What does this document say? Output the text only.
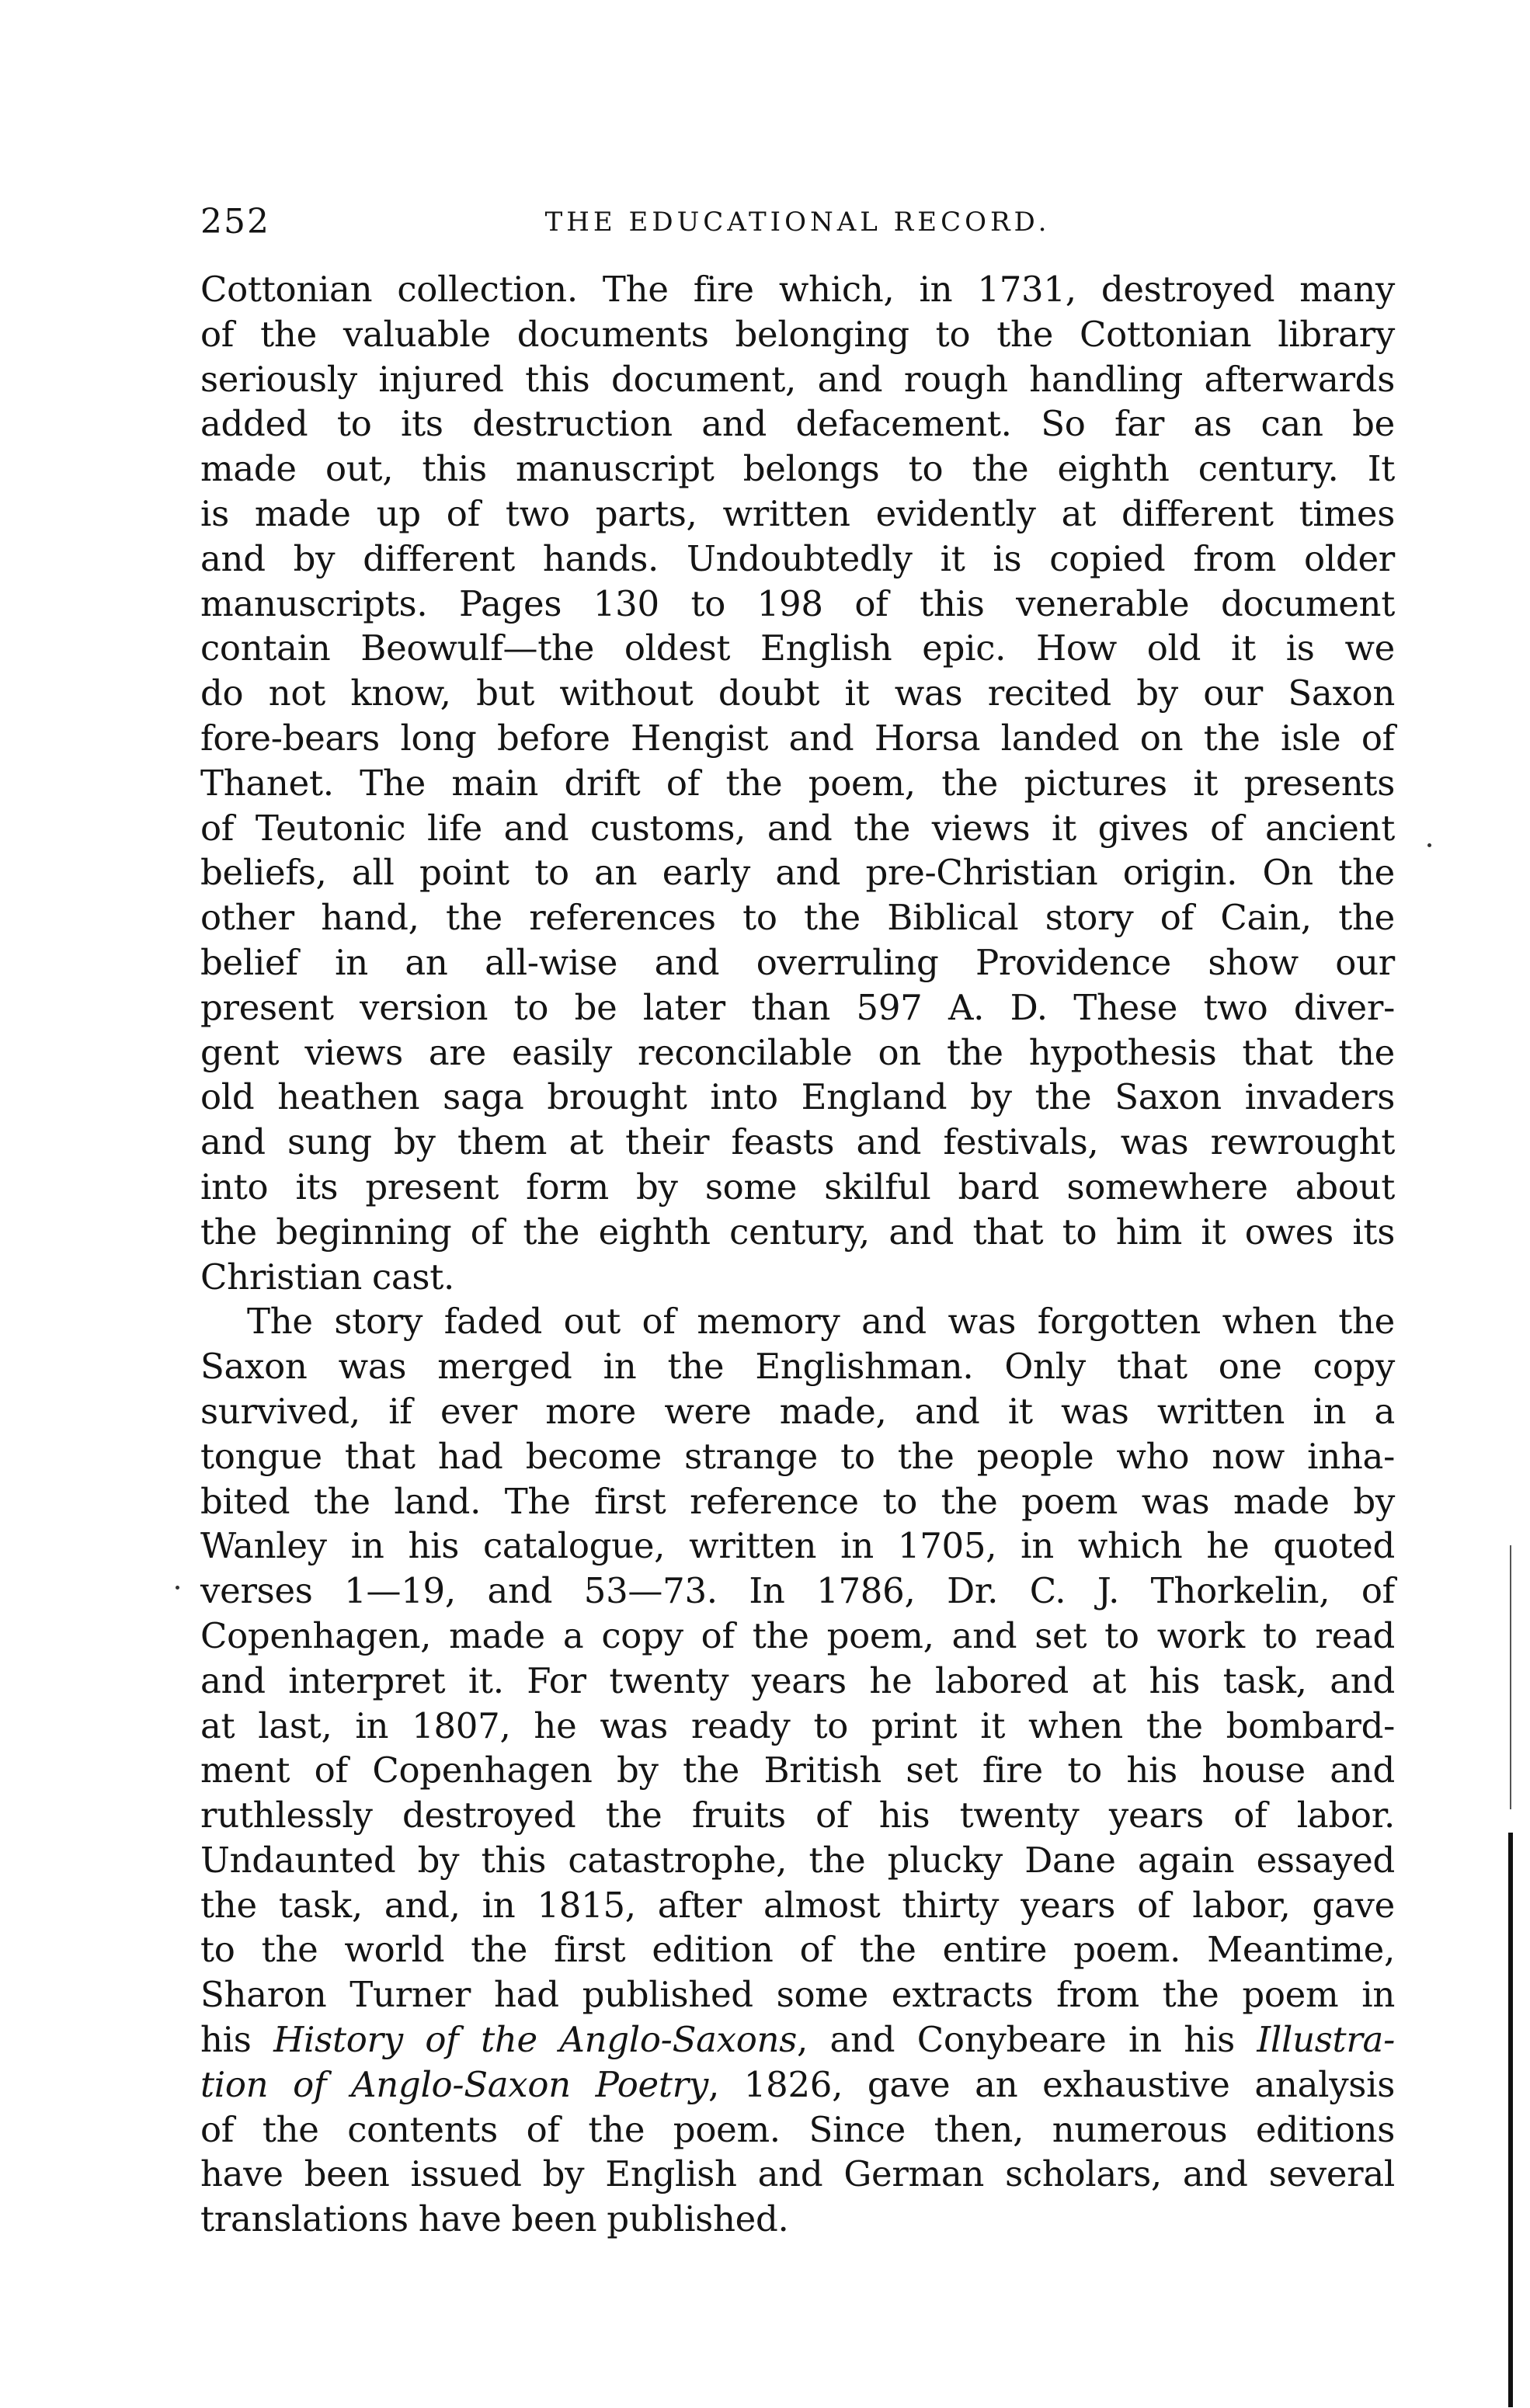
252	THE EDUCATIONAL RECORD.
Cottonian collection. The fire which, in 1731, destroyed many
of the valuable documents belonging to the Cottonian library
seriously injured this document, and rough handling afterwards
added to its destruction and defacement. So far as can be
made out, this manuscript belongs to the eighth century. It
is made up of two parts, written evidently at different times
and by different hands. Undoubtedly it is copied from older
manuscripts. Pages 130 to 198 of this venerable document
contain Beowulf—the oldest English epic. How old it is we
do not know, but without doubt it was recited by our Saxon
fore-bears long before Hengist and Horsa landed on the isle of
Thanet. The main drift of the poem, the pictures it presents
of Teutonic life and customs, and the views it gives of ancient
beliefs, all point to an early and pre-Christian origin. On the
other hand, the references to the Biblical story of Cain, the
belief in an all-wise and overruling Providence show our
present version to be later than 597 A. D. These two diver-
gent views are easily reconcilable on the hypothesis that the
old heathen saga brought into England by the Saxon invaders
and sung by them at their feasts and festivals, was rewrought
into its present form by some skilful bard somewhere about
the beginning of the eighth century, and that to him it owes its
Christian cast.
The story faded out of memory and was forgotten when the
Saxon was merged in the Englishman. Only that one copy
survived, if ever more were made, and it was written in a
tongue that had become strange to the people who now inha-
bited the land. The first reference to the poem was made by
Wanley in his catalogue, written in 1705, in which he quoted
verses 1—19, and 53—73. In 1786, Dr. C. J. Thorkelin, of
Copenhagen, made a copy of the poem, and set to work to read
and interpret it. For twenty years he labored at his task, and
at last, in 1807, he was ready to print it when the bombard-
ment of Copenhagen by the British set fire to his house and
ruthlessly destroyed the fruits of his twenty years of labor.
Undaunted by this catastrophe, the plucky Dane again essayed
the task, and, in 1815, after almost thirty years of labor, gave
to the world the first edition of the entire poem. Meantime,
Sharon Turner had published some extracts from the poem in
his History of the Anglo-Saxons, and Conybeare in his Illustra-
tion of Anglo-Saxon Poetry, 1826, gave an exhaustive analysis
of the contents of the poem. Since then, numerous editions
have been issued by English and German scholars, and several
translations have been published.
